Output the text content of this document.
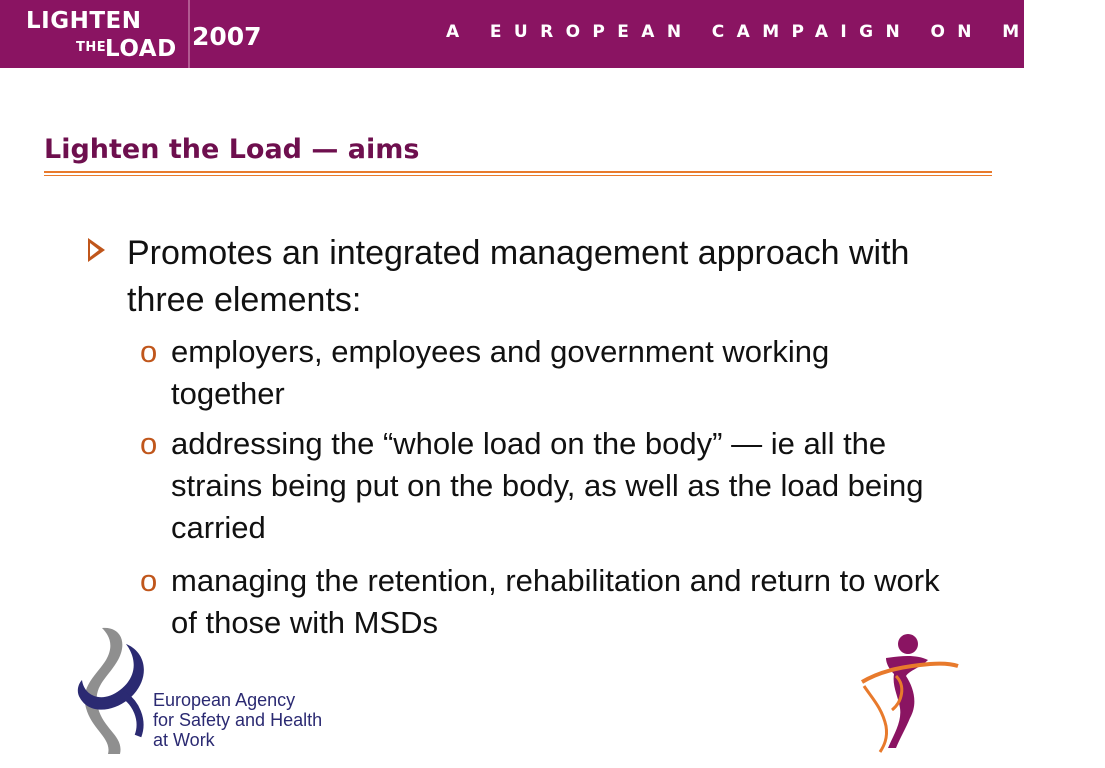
LIGHTEN
THE
LOAD 2007	A EUROPEAN CAMPAIGN ON MSDs
Lighten the Load — aims
Promotes an integrated management approach with three elements:
o employers, employees and government working together
o addressing the “whole load on the body” — ie all the strains being put on the body, as well as the load being carried
o managing the retention, rehabilitation and return to work of those with MSDs
European Agency
for Safety and Health
at Work
